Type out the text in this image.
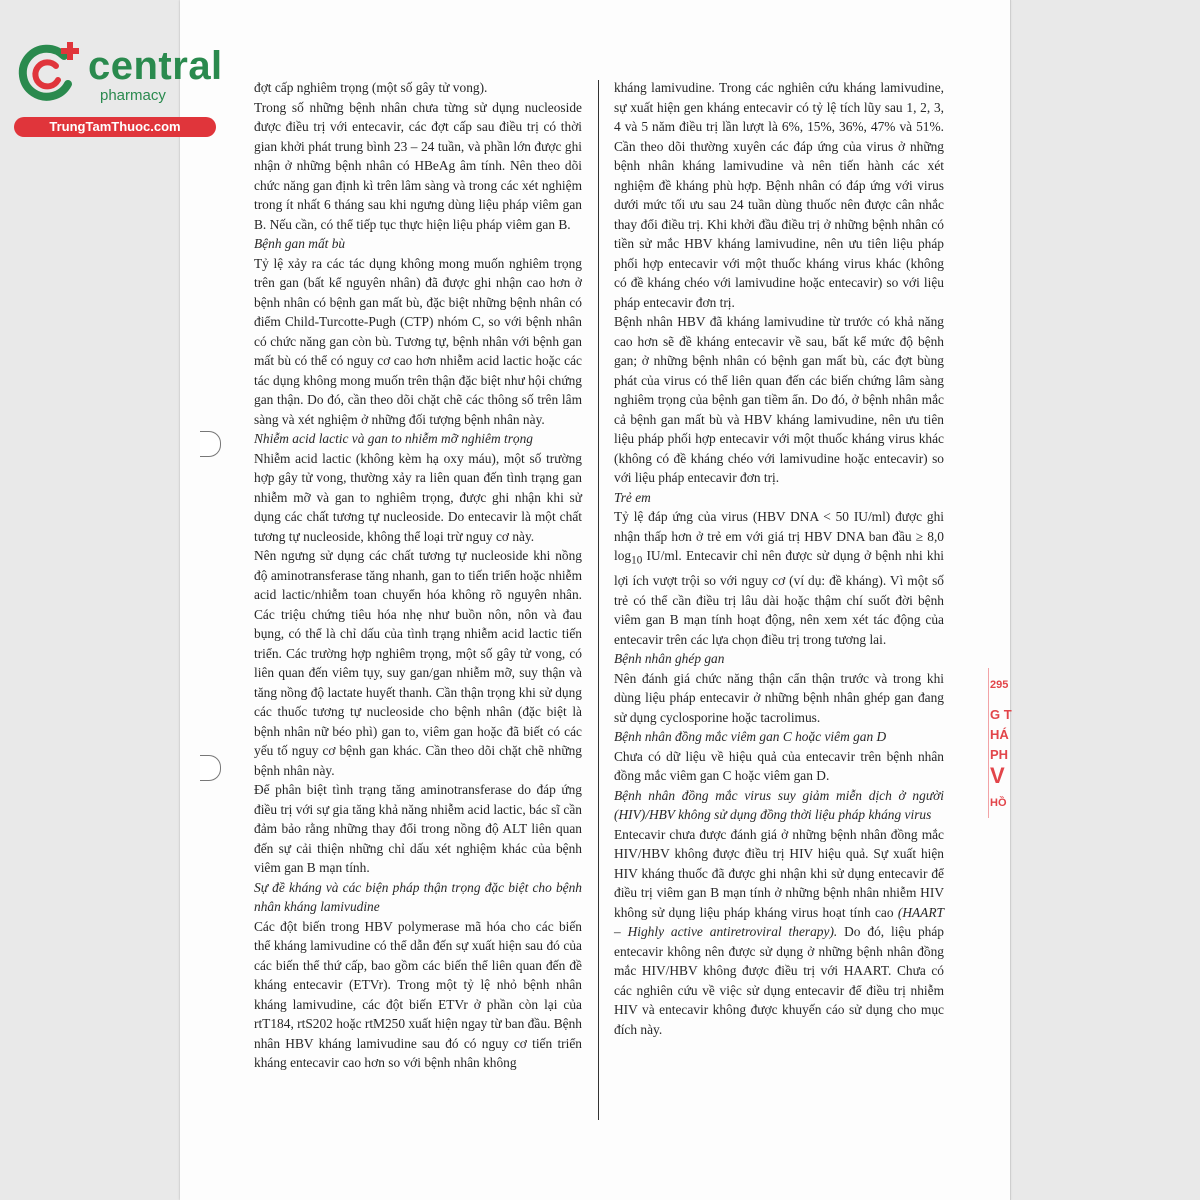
central
pharmacy
TrungTamThuoc.com

đợt cấp nghiêm trọng (một số gây tử vong).

Trong số những bệnh nhân chưa từng sử dụng nucleoside được điều trị với entecavir, các đợt cấp sau điều trị có thời gian khởi phát trung bình 23 – 24 tuần, và phần lớn được ghi nhận ở những bệnh nhân có HBeAg âm tính. Nên theo dõi chức năng gan định kì trên lâm sàng và trong các xét nghiệm trong ít nhất 6 tháng sau khi ngưng dùng liệu pháp viêm gan B. Nếu cần, có thể tiếp tục thực hiện liệu pháp viêm gan B.

Bệnh gan mất bù

Tỷ lệ xảy ra các tác dụng không mong muốn nghiêm trọng trên gan (bất kể nguyên nhân) đã được ghi nhận cao hơn ở bệnh nhân có bệnh gan mất bù, đặc biệt những bệnh nhân có điểm Child-Turcotte-Pugh (CTP) nhóm C, so với bệnh nhân có chức năng gan còn bù. Tương tự, bệnh nhân với bệnh gan mất bù có thể có nguy cơ cao hơn nhiễm acid lactic hoặc các tác dụng không mong muốn trên thận đặc biệt như hội chứng gan thận. Do đó, cần theo dõi chặt chẽ các thông số trên lâm sàng và xét nghiệm ở những đối tượng bệnh nhân này.

Nhiễm acid lactic và gan to nhiễm mỡ nghiêm trọng

Nhiễm acid lactic (không kèm hạ oxy máu), một số trường hợp gây tử vong, thường xảy ra liên quan đến tình trạng gan nhiễm mỡ và gan to nghiêm trọng, được ghi nhận khi sử dụng các chất tương tự nucleoside. Do entecavir là một chất tương tự nucleoside, không thể loại trừ nguy cơ này.

Nên ngưng sử dụng các chất tương tự nucleoside khi nồng độ aminotransferase tăng nhanh, gan to tiến triển hoặc nhiễm acid lactic/nhiễm toan chuyển hóa không rõ nguyên nhân. Các triệu chứng tiêu hóa nhẹ như buồn nôn, nôn và đau bụng, có thể là chỉ dấu của tình trạng nhiễm acid lactic tiến triển. Các trường hợp nghiêm trọng, một số gây tử vong, có liên quan đến viêm tụy, suy gan/gan nhiễm mỡ, suy thận và tăng nồng độ lactate huyết thanh. Cần thận trọng khi sử dụng các thuốc tương tự nucleoside cho bệnh nhân (đặc biệt là bệnh nhân nữ béo phì) gan to, viêm gan hoặc đã biết có các yếu tố nguy cơ bệnh gan khác. Cần theo dõi chặt chẽ những bệnh nhân này.

Để phân biệt tình trạng tăng aminotransferase do đáp ứng điều trị với sự gia tăng khả năng nhiễm acid lactic, bác sĩ cần đảm bảo rằng những thay đổi trong nồng độ ALT liên quan đến sự cải thiện những chỉ dấu xét nghiệm khác của bệnh viêm gan B mạn tính.

Sự đề kháng và các biện pháp thận trọng đặc biệt cho bệnh nhân kháng lamivudine

Các đột biến trong HBV polymerase mã hóa cho các biến thể kháng lamivudine có thể dẫn đến sự xuất hiện sau đó của các biến thể thứ cấp, bao gồm các biến thể liên quan đến đề kháng entecavir (ETVr). Trong một tỷ lệ nhỏ bệnh nhân kháng lamivudine, các đột biến ETVr ở phần còn lại của rtT184, rtS202 hoặc rtM250 xuất hiện ngay từ ban đầu. Bệnh nhân HBV kháng lamivudine sau đó có nguy cơ tiến triển kháng entecavir cao hơn so với bệnh nhân không

kháng lamivudine. Trong các nghiên cứu kháng lamivudine, sự xuất hiện gen kháng entecavir có tỷ lệ tích lũy sau 1, 2, 3, 4 và 5 năm điều trị lần lượt là 6%, 15%, 36%, 47% và 51%. Cần theo dõi thường xuyên các đáp ứng của virus ở những bệnh nhân kháng lamivudine và nên tiến hành các xét nghiệm đề kháng phù hợp. Bệnh nhân có đáp ứng với virus dưới mức tối ưu sau 24 tuần dùng thuốc nên được cân nhắc thay đổi điều trị. Khi khởi đầu điều trị ở những bệnh nhân có tiền sử mắc HBV kháng lamivudine, nên ưu tiên liệu pháp phối hợp entecavir với một thuốc kháng virus khác (không có đề kháng chéo với lamivudine hoặc entecavir) so với liệu pháp entecavir đơn trị.

Bệnh nhân HBV đã kháng lamivudine từ trước có khả năng cao hơn sẽ đề kháng entecavir về sau, bất kể mức độ bệnh gan; ở những bệnh nhân có bệnh gan mất bù, các đợt bùng phát của virus có thể liên quan đến các biến chứng lâm sàng nghiêm trọng của bệnh gan tiềm ẩn. Do đó, ở bệnh nhân mắc cả bệnh gan mất bù và HBV kháng lamivudine, nên ưu tiên liệu pháp phối hợp entecavir với một thuốc kháng virus khác (không có đề kháng chéo với lamivudine hoặc entecavir) so với liệu pháp entecavir đơn trị.

Trẻ em

Tỷ lệ đáp ứng của virus (HBV DNA < 50 IU/ml) được ghi nhận thấp hơn ở trẻ em với giá trị HBV DNA ban đầu ≥ 8,0 $\log_{10} IU/ml$. Entecavir chỉ nên được sử dụng ở bệnh nhi khi lợi ích vượt trội so với nguy cơ (ví dụ: đề kháng). Vì một số trẻ có thể cần điều trị lâu dài hoặc thậm chí suốt đời bệnh viêm gan B mạn tính hoạt động, nên xem xét tác động của entecavir trên các lựa chọn điều trị trong tương lai.

Bệnh nhân ghép gan

Nên đánh giá chức năng thận cẩn thận trước và trong khi dùng liệu pháp entecavir ở những bệnh nhân ghép gan đang sử dụng cyclosporine hoặc tacrolimus.

Bệnh nhân đồng mắc viêm gan C hoặc viêm gan D

Chưa có dữ liệu về hiệu quả của entecavir trên bệnh nhân đồng mắc viêm gan C hoặc viêm gan D.

Bệnh nhân đồng mắc virus suy giảm miễn dịch ở người (HIV)/HBV không sử dụng đồng thời liệu pháp kháng virus

Entecavir chưa được đánh giá ở những bệnh nhân đồng mắc HIV/HBV không được điều trị HIV hiệu quả. Sự xuất hiện HIV kháng thuốc đã được ghi nhận khi sử dụng entecavir để điều trị viêm gan B mạn tính ở những bệnh nhân nhiễm HIV không sử dụng liệu pháp kháng virus hoạt tính cao (HAART – Highly active antiretroviral therapy). Do đó, liệu pháp entecavir không nên được sử dụng ở những bệnh nhân đồng mắc HIV/HBV không được điều trị với HAART. Chưa có các nghiên cứu về việc sử dụng entecavir để điều trị nhiễm HIV và entecavir không được khuyến cáo sử dụng cho mục đích này.

295
G T
HÁ
PH
V
HỒ
